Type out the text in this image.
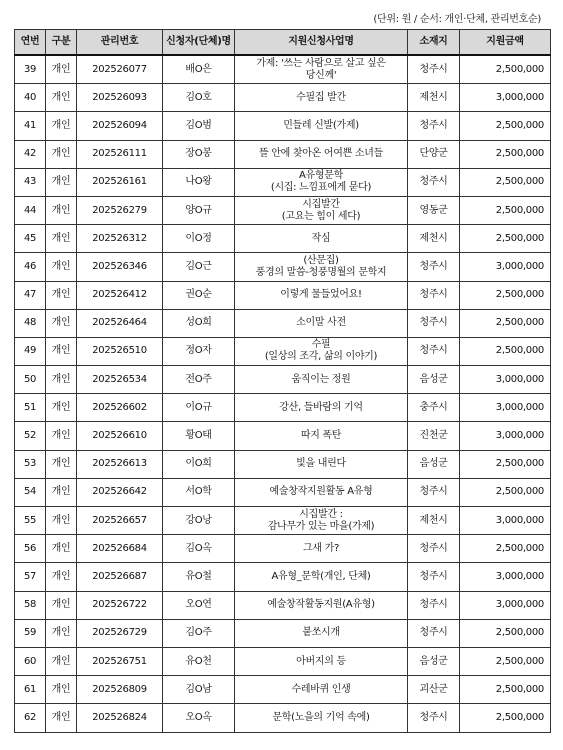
(단위: 원 / 순서: 개인·단체, 관리번호순)
연번	구분	관리번호	신청자(단체)명	지원신청사업명	소재지	지원금액
39	개인	202526077	배O은	가제: '쓰는 사람으로 살고 싶은
당신께'	청주시	2,500,000
40	개인	202526093	김O호	수필집 발간	제천시	3,000,000
41	개인	202526094	김O범	민들레 신발(가제)	청주시	2,500,000
42	개인	202526111	장O봉	뜰 안에 찾아온 어여쁜 소녀들	단양군	2,500,000
43	개인	202526161	나O왕	A유형문학
(시집: 느낌표에게 묻다)	청주시	2,500,000
44	개인	202526279	양O규	시집발간
(고요는 힘이 세다)	영동군	2,500,000
45	개인	202526312	이O정	작심	제천시	2,500,000
46	개인	202526346	김O근	(산문집)
풍경의 말씀-청풍명월의 문학지	청주시	3,000,000
47	개인	202526412	권O순	이렇게 물들었어요!	청주시	2,500,000
48	개인	202526464	성O희	소이말 사전	청주시	2,500,000
49	개인	202526510	정O자	수필
(일상의 조각, 삶의 이야기)	청주시	2,500,000
50	개인	202526534	전O주	움직이는 정원	음성군	3,000,000
51	개인	202526602	이O규	강산, 들바람의 기억	충주시	3,000,000
52	개인	202526610	황O태	따지 폭탄	진천군	3,000,000
53	개인	202526613	이O희	빛을 내린다	음성군	2,500,000
54	개인	202526642	서O학	예술창작지원활동 A유형	청주시	2,500,000
55	개인	202526657	강O낭	시집발간 :
감나무가 있는 마을(가제)	제천시	3,000,000
56	개인	202526684	김O옥	그새 가?	청주시	2,500,000
57	개인	202526687	유O철	A유형_문학(개인, 단체)	청주시	3,000,000
58	개인	202526722	오O연	예술창작활동지원(A유형)	청주시	3,000,000
59	개인	202526729	김O주	붙쏘시개	청주시	2,500,000
60	개인	202526751	유O천	아버지의 등	음성군	2,500,000
61	개인	202526809	김O남	수레바퀴 인생	괴산군	2,500,000
62	개인	202526824	오O옥	문학(노을의 기억 속에)	청주시	2,500,000
